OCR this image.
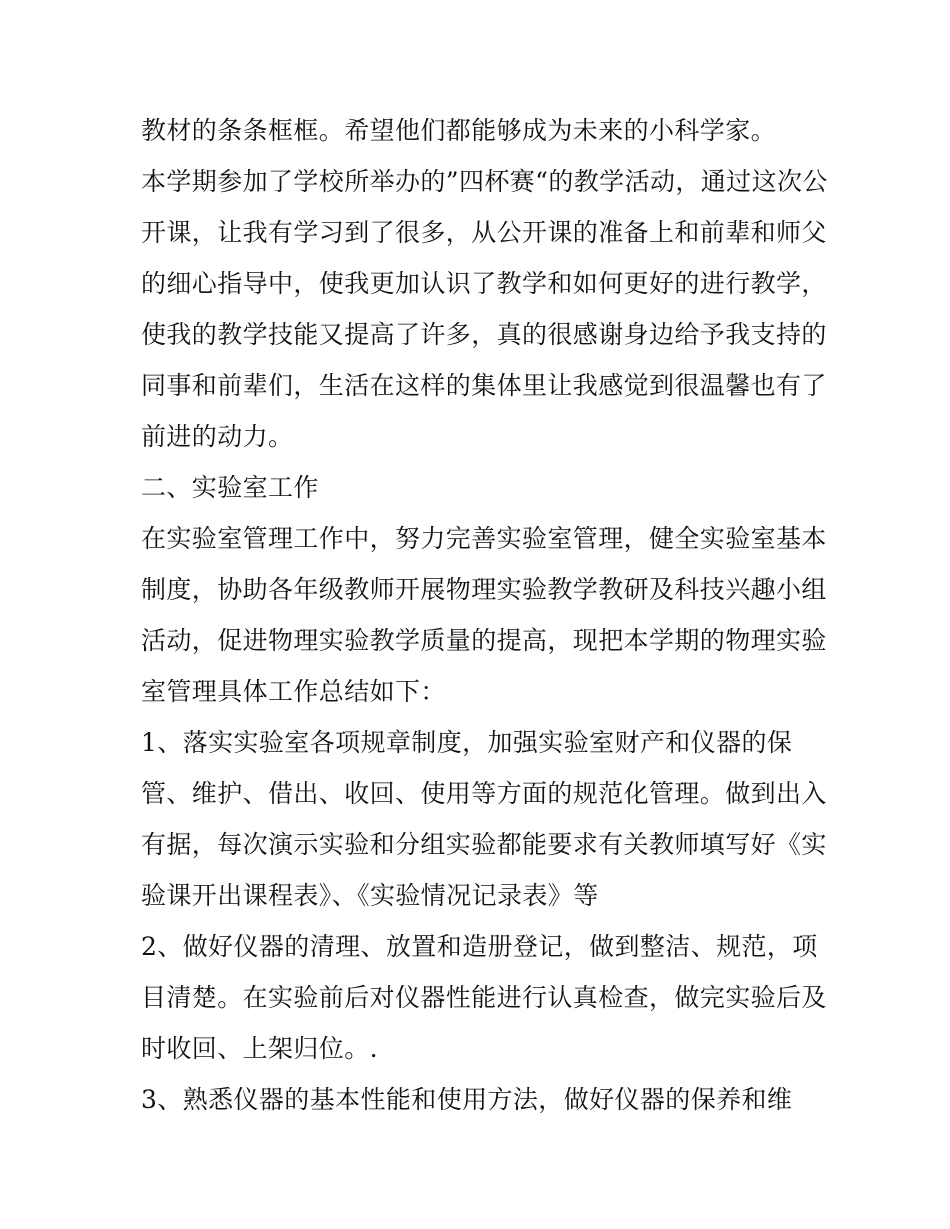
教材的条条框框。希望他们都能够成为未来的小科学家。
本学期参加了学校所举办的”四杯赛“的教学活动，通过这次公
开课，让我有学习到了很多，从公开课的准备上和前辈和师父
的细心指导中，使我更加认识了教学和如何更好的进行教学，
使我的教学技能又提高了许多，真的很感谢身边给予我支持的
同事和前辈们，生活在这样的集体里让我感觉到很温馨也有了
前进的动力。
二、实验室工作
在实验室管理工作中，努力完善实验室管理，健全实验室基本
制度，协助各年级教师开展物理实验教学教研及科技兴趣小组
活动，促进物理实验教学质量的提高，现把本学期的物理实验
室管理具体工作总结如下：
1、落实实验室各项规章制度，加强实验室财产和仪器的保
管、维护、借出、收回、使用等方面的规范化管理。做到出入
有据，每次演示实验和分组实验都能要求有关教师填写好《实
验课开出课程表》、《实验情况记录表》等
2、做好仪器的清理、放置和造册登记，做到整洁、规范，项
目清楚。在实验前后对仪器性能进行认真检查，做完实验后及
时收回、上架归位。.
3、熟悉仪器的基本性能和使用方法，做好仪器的保养和维
